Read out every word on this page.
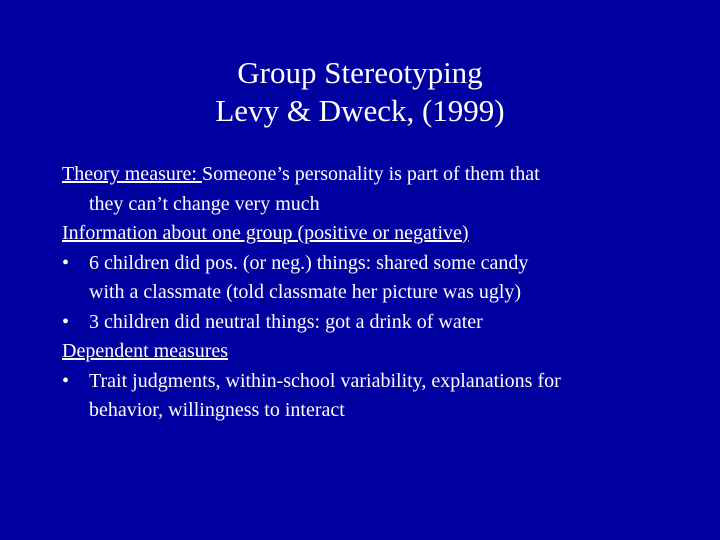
Group Stereotyping
Levy & Dweck, (1999)
Theory measure: Someone’s personality is part of them that
they can’t change very much
Information about one group (positive or negative)
• 6 children did pos. (or neg.) things: shared some candy
with a classmate (told classmate her picture was ugly)
• 3 children did neutral things: got a drink of water
Dependent measures
• Trait judgments, within-school variability, explanations for
behavior, willingness to interact
